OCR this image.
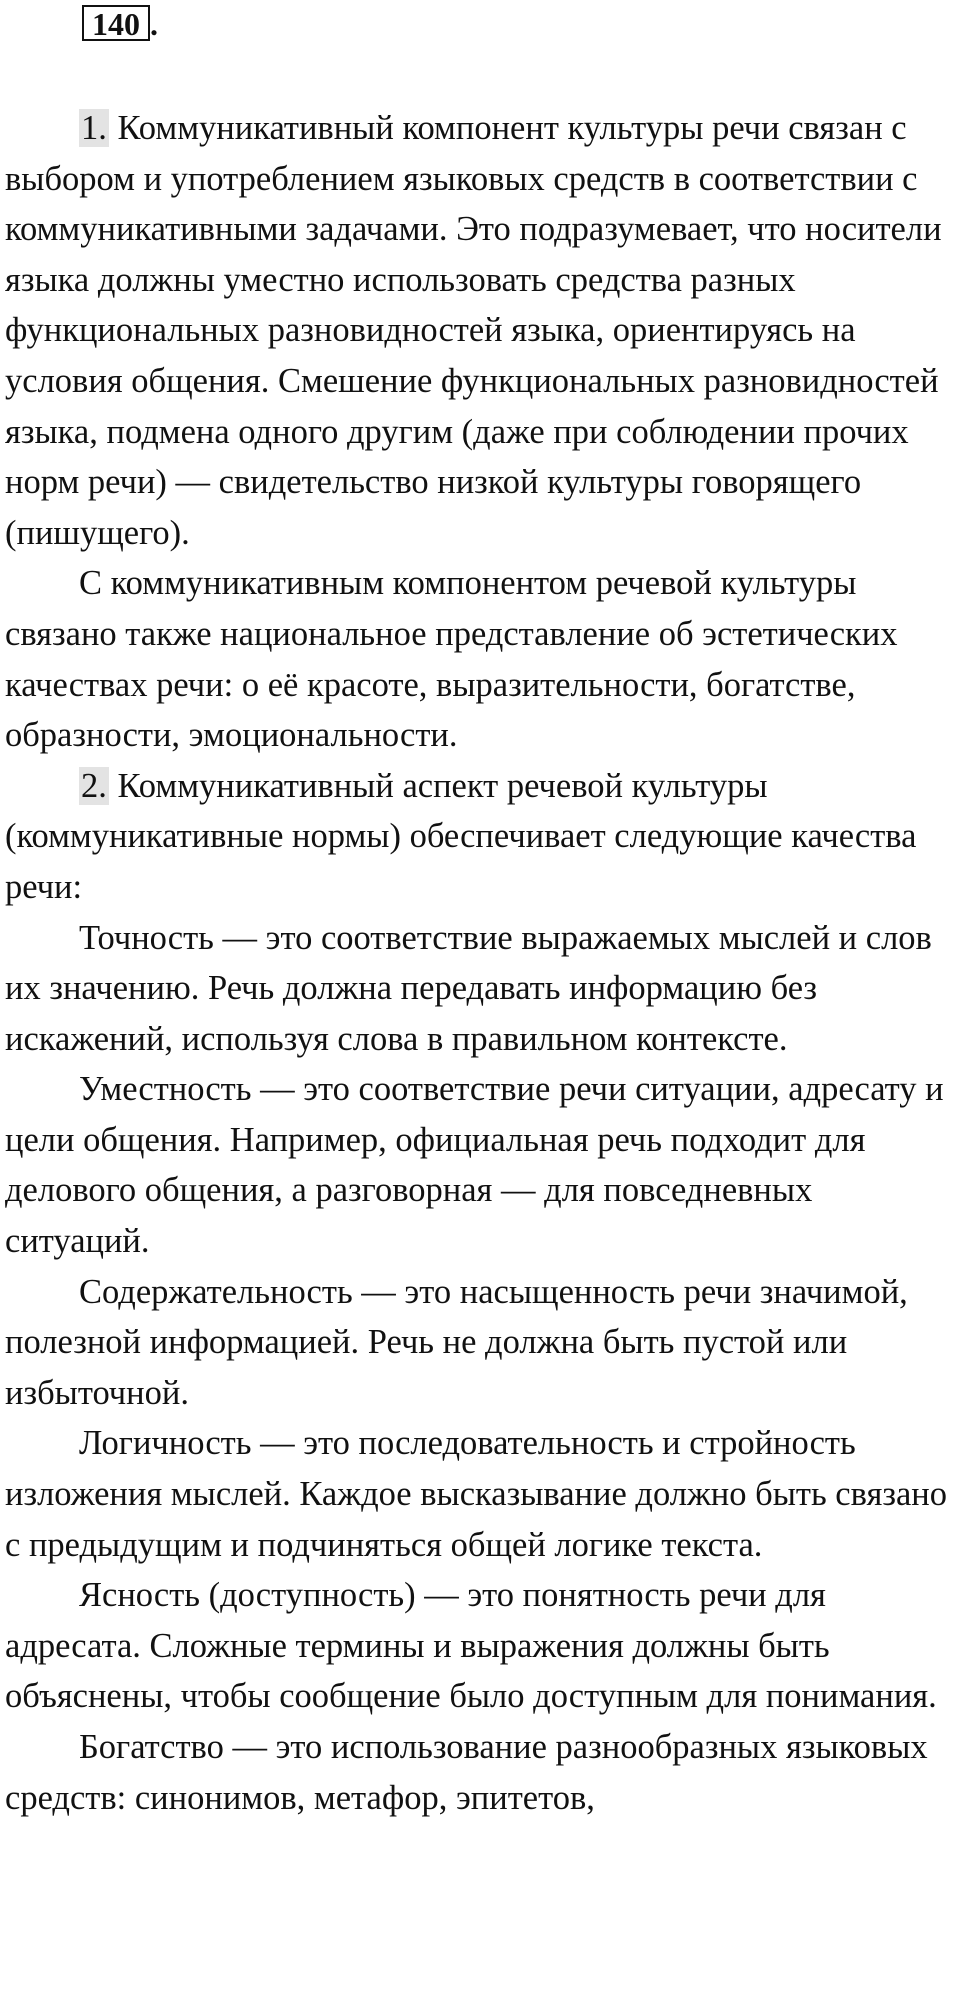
140 .

1. Коммуникативный компонент культуры речи связан с выбором и употреблением языковых средств в соответствии с коммуникативными задачами. Это подразумевает, что носители языка должны уместно использовать средства разных функциональных разновидностей языка, ориентируясь на условия общения. Смешение функциональных разновидностей языка, подмена одного другим (даже при соблюдении прочих норм речи) — свидетельство низкой культуры говорящего (пишущего).

С коммуникативным компонентом речевой культуры связано также национальное представление об эстетических качествах речи: о её красоте, выразительности, богатстве, образности, эмоциональности.

2. Коммуникативный аспект речевой культуры (коммуникативные нормы) обеспечивает следующие качества речи:

Точность — это соответствие выражаемых мыслей и слов их значению. Речь должна передавать информацию без искажений, используя слова в правильном контексте.

Уместность — это соответствие речи ситуации, адресату и цели общения. Например, официальная речь подходит для делового общения, а разговорная — для повседневных ситуаций.

Содержательность — это насыщенность речи значимой, полезной информацией. Речь не должна быть пустой или избыточной.

Логичность — это последовательность и стройность изложения мыслей. Каждое высказывание должно быть связано с предыдущим и подчиняться общей логике текста.

Ясность (доступность) — это понятность речи для адресата. Сложные термины и выражения должны быть объяснены, чтобы сообщение было доступным для понимания.

Богатство — это использование разнообразных языковых средств: синонимов, метафор, эпитетов,
